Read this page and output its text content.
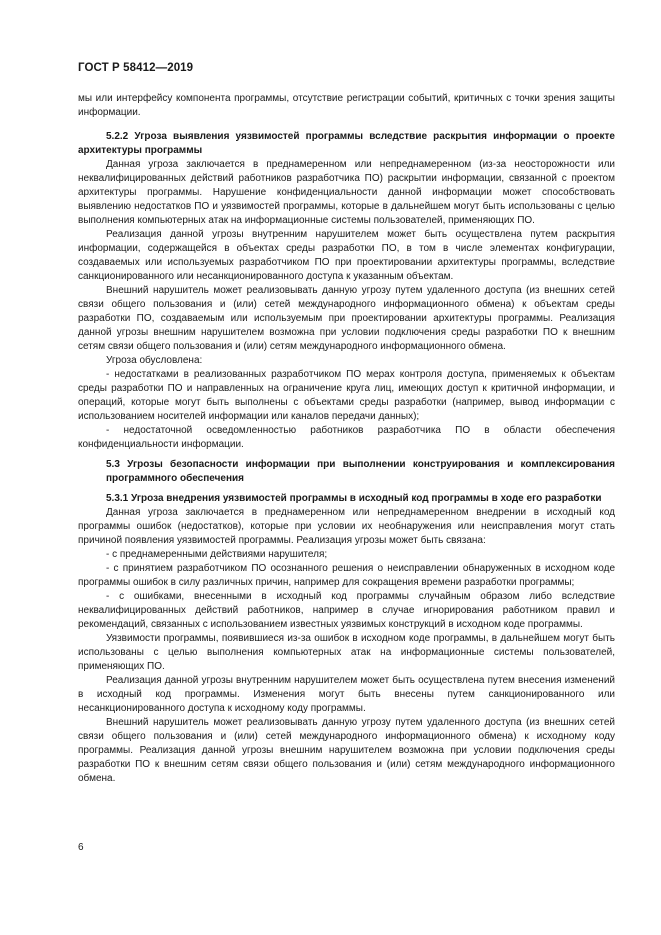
ГОСТ Р 58412—2019

мы или интерфейсу компонента программы, отсутствие регистрации событий, критичных с точки зрения защиты информации.

5.2.2 Угроза выявления уязвимостей программы вследствие раскрытия информации о проекте архитектуры программы

Данная угроза заключается в преднамеренном или непреднамеренном (из-за неосторожности или неквалифицированных действий работников разработчика ПО) раскрытии информации, связанной с проектом архитектуры программы. Нарушение конфиденциальности данной информации может способствовать выявлению недостатков ПО и уязвимостей программы, которые в дальнейшем могут быть использованы с целью выполнения компьютерных атак на информационные системы пользователей, применяющих ПО.

Реализация данной угрозы внутренним нарушителем может быть осуществлена путем раскрытия информации, содержащейся в объектах среды разработки ПО, в том в числе элементах конфигурации, создаваемых или используемых разработчиком ПО при проектировании архитектуры программы, вследствие санкционированного или несанкционированного доступа к указанным объектам.

Внешний нарушитель может реализовывать данную угрозу путем удаленного доступа (из внешних сетей связи общего пользования и (или) сетей международного информационного обмена) к объектам среды разработки ПО, создаваемым или используемым при проектировании архитектуры программы. Реализация данной угрозы внешним нарушителем возможна при условии подключения среды разработки ПО к внешним сетям связи общего пользования и (или) сетям международного информационного обмена.

Угроза обусловлена:

- недостатками в реализованных разработчиком ПО мерах контроля доступа, применяемых к объектам среды разработки ПО и направленных на ограничение круга лиц, имеющих доступ к критичной информации, и операций, которые могут быть выполнены с объектами среды разработки (например, вывод информации с использованием носителей информации или каналов передачи данных);

- недостаточной осведомленностью работников разработчика ПО в области обеспечения конфиденциальности информации.

5.3 Угрозы безопасности информации при выполнении конструирования и комплексирования программного обеспечения

5.3.1 Угроза внедрения уязвимостей программы в исходный код программы в ходе его разработки

Данная угроза заключается в преднамеренном или непреднамеренном внедрении в исходный код программы ошибок (недостатков), которые при условии их необнаружения или неисправления могут стать причиной появления уязвимостей программы. Реализация угрозы может быть связана:

- с преднамеренными действиями нарушителя;

- с принятием разработчиком ПО осознанного решения о неисправлении обнаруженных в исходном коде программы ошибок в силу различных причин, например для сокращения времени разработки программы;

- с ошибками, внесенными в исходный код программы случайным образом либо вследствие неквалифицированных действий работников, например в случае игнорирования работником правил и рекомендаций, связанных с использованием известных уязвимых конструкций в исходном коде программы.

Уязвимости программы, появившиеся из-за ошибок в исходном коде программы, в дальнейшем могут быть использованы с целью выполнения компьютерных атак на информационные системы пользователей, применяющих ПО.

Реализация данной угрозы внутренним нарушителем может быть осуществлена путем внесения изменений в исходный код программы. Изменения могут быть внесены путем санкционированного или несанкционированного доступа к исходному коду программы.

Внешний нарушитель может реализовывать данную угрозу путем удаленного доступа (из внешних сетей связи общего пользования и (или) сетей международного информационного обмена) к исходному коду программы. Реализация данной угрозы внешним нарушителем возможна при условии подключения среды разработки ПО к внешним сетям связи общего пользования и (или) сетям международного информационного обмена.

6
